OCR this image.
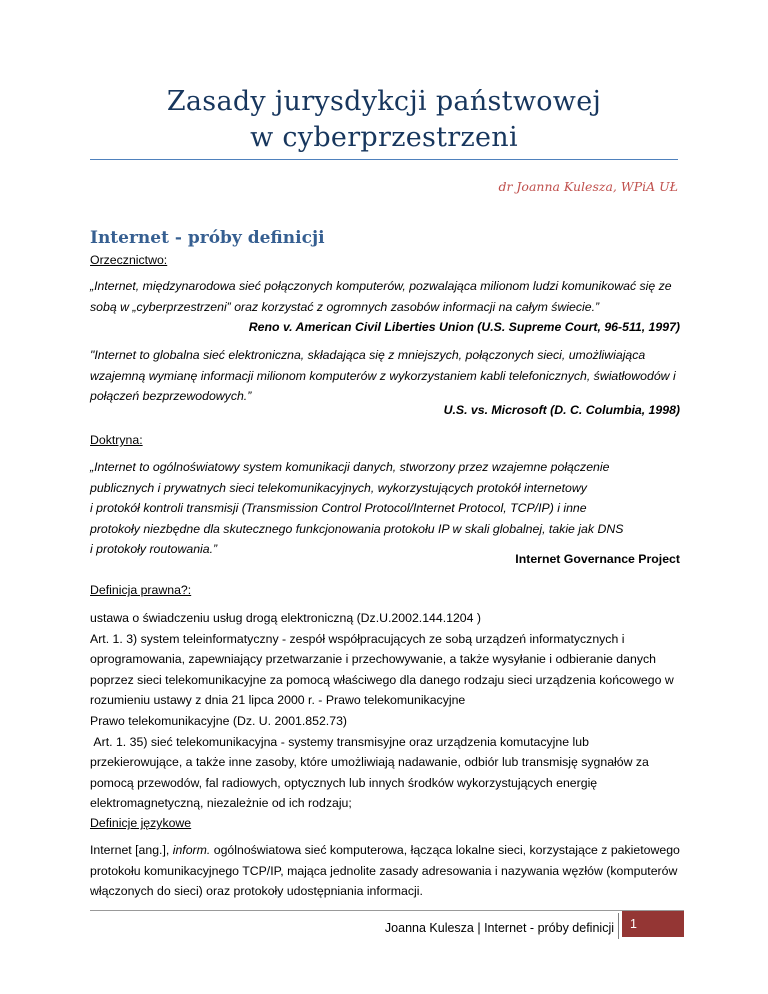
Zasady jurysdykcji państwowej
w cyberprzestrzeni
dr Joanna Kulesza, WPiA UŁ
Internet - próby definicji
Orzecznictwo:
„Internet, międzynarodowa sieć połączonych komputerów, pozwalająca milionom ludzi komunikować się ze sobą w „cyberprzestrzeni” oraz korzystać z ogromnych zasobów informacji na całym świecie.”
Reno v. American Civil Liberties Union (U.S. Supreme Court, 96-511, 1997)
"Internet to globalna sieć elektroniczna, składająca się z mniejszych, połączonych sieci, umożliwiająca wzajemną wymianę informacji milionom komputerów z wykorzystaniem kabli telefonicznych, światłowodów i połączeń bezprzewodowych.”
U.S. vs. Microsoft (D. C. Columbia, 1998)
Doktryna:
„Internet to ogólnoświatowy system komunikacji danych, stworzony przez wzajemne połączenie
publicznych i prywatnych sieci telekomunikacyjnych, wykorzystujących protokół internetowy
i protokół kontroli transmisji (Transmission Control Protocol/Internet Protocol, TCP/IP) i inne
protokoły niezbędne dla skutecznego funkcjonowania protokołu IP w skali globalnej, takie jak DNS
i protokoły routowania.”
Internet Governance Project
Definicja prawna?:
ustawa o świadczeniu usług drogą elektroniczną (Dz.U.2002.144.1204 )
Art. 1. 3) system teleinformatyczny - zespół współpracujących ze sobą urządzeń informatycznych i oprogramowania, zapewniający przetwarzanie i przechowywanie, a także wysyłanie i odbieranie danych poprzez sieci telekomunikacyjne za pomocą właściwego dla danego rodzaju sieci urządzenia końcowego w rozumieniu ustawy z dnia 21 lipca 2000 r. - Prawo telekomunikacyjne
Prawo telekomunikacyjne (Dz. U. 2001.852.73)
Art. 1. 35) sieć telekomunikacyjna - systemy transmisyjne oraz urządzenia komutacyjne lub przekierowujące, a także inne zasoby, które umożliwiają nadawanie, odbiór lub transmisję sygnałów za pomocą przewodów, fal radiowych, optycznych lub innych środków wykorzystujących energię elektromagnetyczną, niezależnie od ich rodzaju;
Definicje językowe
Internet [ang.], inform. ogólnoświatowa sieć komputerowa, łącząca lokalne sieci, korzystające z pakietowego protokołu komunikacyjnego TCP/IP, mająca jednolite zasady adresowania i nazywania węzłów (komputerów włączonych do sieci) oraz protokoły udostępniania informacji.
Joanna Kulesza | Internet - próby definicji	1
